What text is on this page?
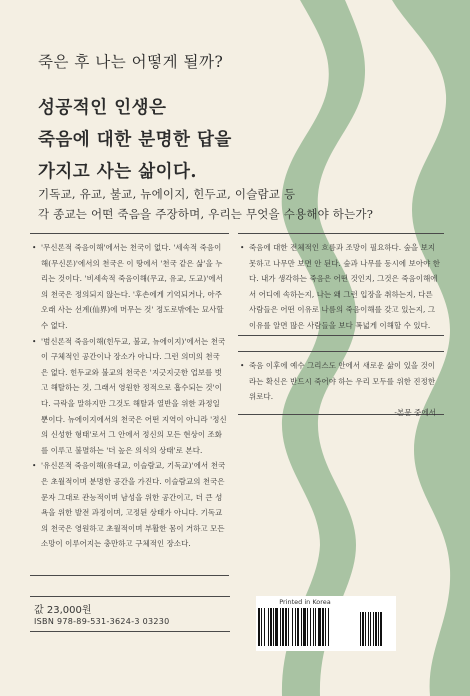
죽은 후 나는 어떻게 될까?
성공적인 인생은
죽음에 대한 분명한 답을
가지고 사는 삶이다.
기독교, 유교, 불교, 뉴에이지, 힌두교, 이슬람교 등
각 종교는 어떤 죽음을 주장하며, 우리는 무엇을 수용해야 하는가?
• '무신론적 죽음이해'에서는 천국이 없다. '세속적 죽음이해(무신론)'에서의 천국은 이 땅에서 '천국 같은 삶'을 누리는 것이다. '비세속적 죽음이해(무교, 유교, 도교)'에서의 천국은 정의되지 않는다. '후손에게 기억되거나, 아주 오래 사는 선계(仙界)에 머무는 것' 정도로밖에는 묘사할 수 없다.
• '범신론적 죽음이해(힌두교, 불교, 뉴에이지)'에서는 천국이 구체적인 공간이나 장소가 아니다. 그런 의미의 천국은 없다. 힌두교와 불교의 천국은 '지긋지긋한 업보를 벗고 해탈하는 것, 그래서 영원한 정적으로 흡수되는 것'이다. 극락을 말하지만 그것도 해탈과 열반을 위한 과정일 뿐이다. 뉴에이지에서의 천국은 어떤 지역이 아니라 '정신의 신성한 형태'로서 그 안에서 정신의 모든 현상이 조화를 이루고 불멸하는 '더 높은 의식의 상태'로 본다.
• '유신론적 죽음이해(유대교, 이슬람교, 기독교)'에서 천국은 초월적이며 분명한 공간을 가진다. 이슬람교의 천국은 문자 그대로 관능적이며 남성을 위한 공간이고, 더 큰 성욕을 위한 발전 과정이며, 고정된 상태가 아니다. 기독교의 천국은 영원하고 초월적이며 부활한 몸이 거하고 모든 소망이 이루어지는 충만하고 구체적인 장소다.
• 죽음에 대한 전체적인 흐름과 조망이 필요하다. 숲을 보지 못하고 나무만 보면 안 된다. 숲과 나무를 동시에 보아야 한다. 내가 생각하는 죽음은 어떤 것인지, 그것은 죽음이해에서 어디에 속하는지, 나는 왜 그런 입장을 취하는지, 다른 사람들은 어떤 이유로 나름의 죽음이해를 갖고 있는지, 그 이유를 알면 많은 사람들을 보다 폭넓게 이해할 수 있다.
• 죽음 이후에 예수 그리스도 안에서 새로운 삶이 있을 것이라는 확신은 반드시 죽어야 하는 우리 모두를 위한 진정한 위로다.
-본문 중에서
값 23,000원
ISBN 978-89-531-3624-3 03230
Printed in Korea
